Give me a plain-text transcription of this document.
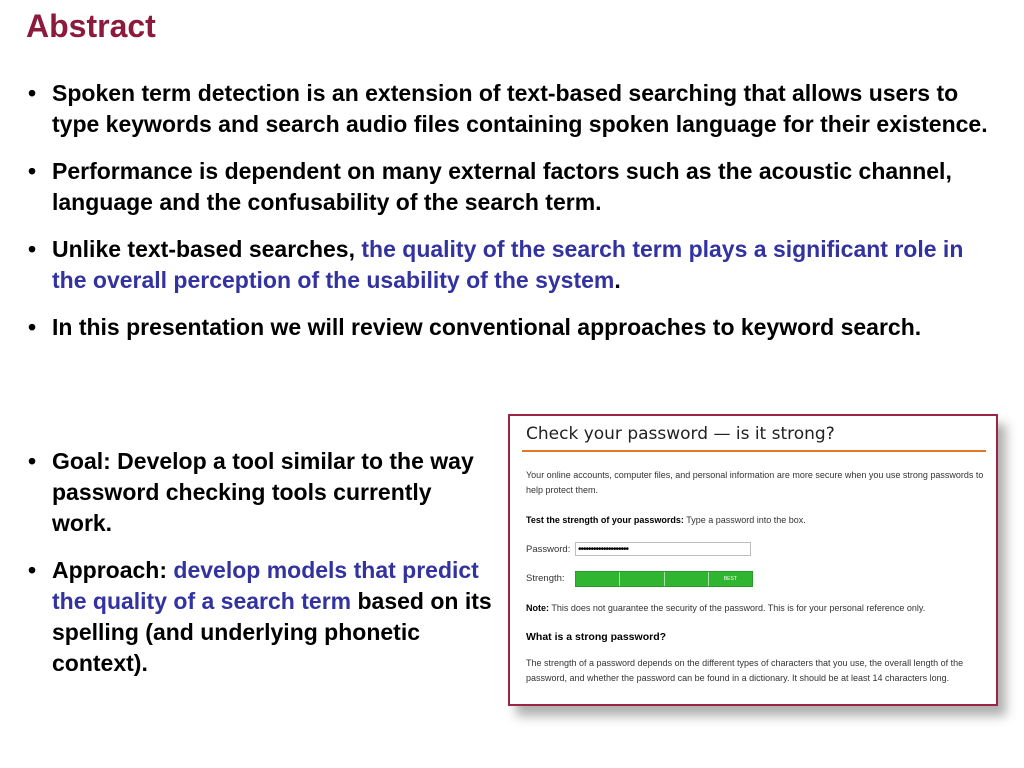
Abstract
• Spoken term detection is an extension of text-based searching that allows users to type keywords and search audio files containing spoken language for their existence.
• Performance is dependent on many external factors such as the acoustic channel, language and the confusability of the search term.
• Unlike text-based searches, the quality of the search term plays a significant role in the overall perception of the usability of the system.
• In this presentation we will review conventional approaches to keyword search.
• Goal: Develop a tool similar to the way password checking tools currently work.
• Approach: develop models that predict the quality of a search term based on its spelling (and underlying phonetic context).
Check your password — is it strong?
Your online accounts, computer files, and personal information are more secure when you use strong passwords to help protect them.
Test the strength of your passwords: Type a password into the box.
Password: ••••••••••••••••••••
Strength:	BEST
Note: This does not guarantee the security of the password. This is for your personal reference only.
What is a strong password?
The strength of a password depends on the different types of characters that you use, the overall length of the password, and whether the password can be found in a dictionary. It should be at least 14 characters long.
